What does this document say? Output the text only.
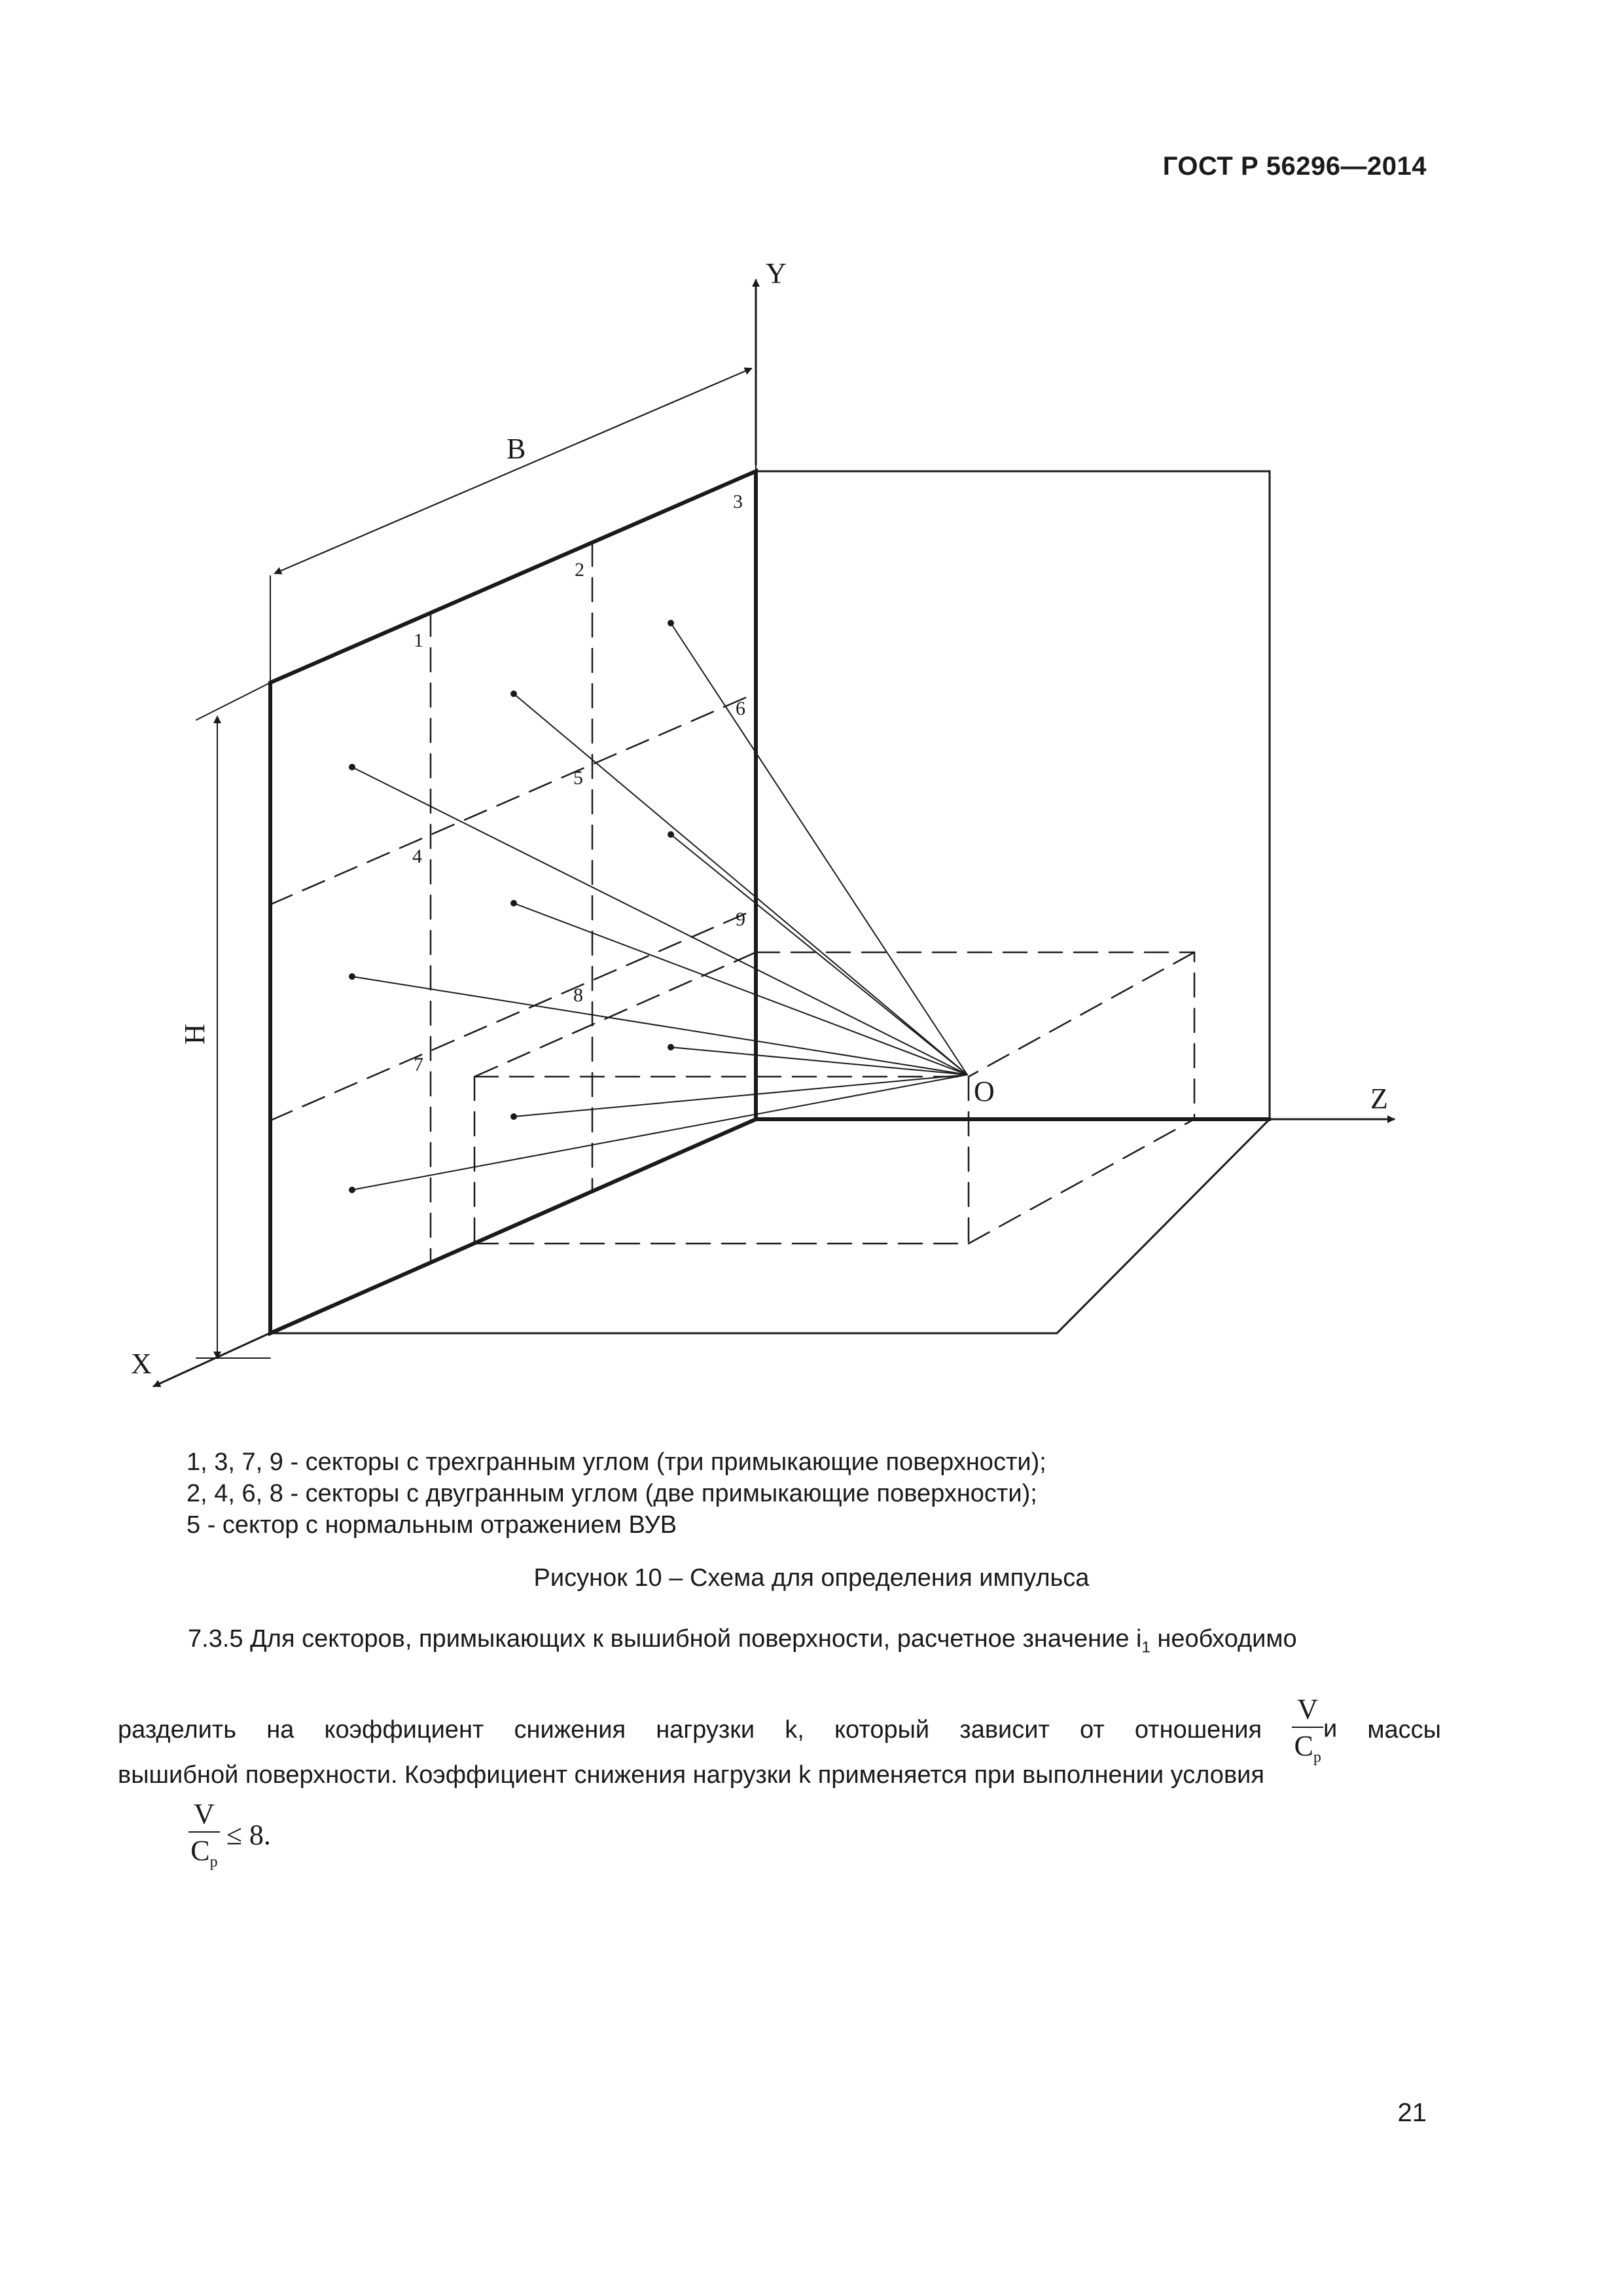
ГОСТ Р 56296—2014
Y
Z
X
O
B
H
1
2
3
4
5
6
7
8
9
1, 3, 7, 9 - секторы с трехгранным углом (три примыкающие поверхности);
2, 4, 6, 8 - секторы с двугранным углом (две примыкающие поверхности);
5 - сектор с нормальным отражением ВУВ
Рисунок 10 – Схема для определения импульса
7.3.5 Для секторов, примыкающих к вышибной поверхности, расчетное значение $i_1$ необходимо
разделить на коэффициент снижения нагрузки k, который зависит от отношения $\frac{V}{C_p}$ и массы
вышибной поверхности. Коэффициент снижения нагрузки k применяется при выполнении условия
$\frac{V}{C_p} \le 8$.
21
